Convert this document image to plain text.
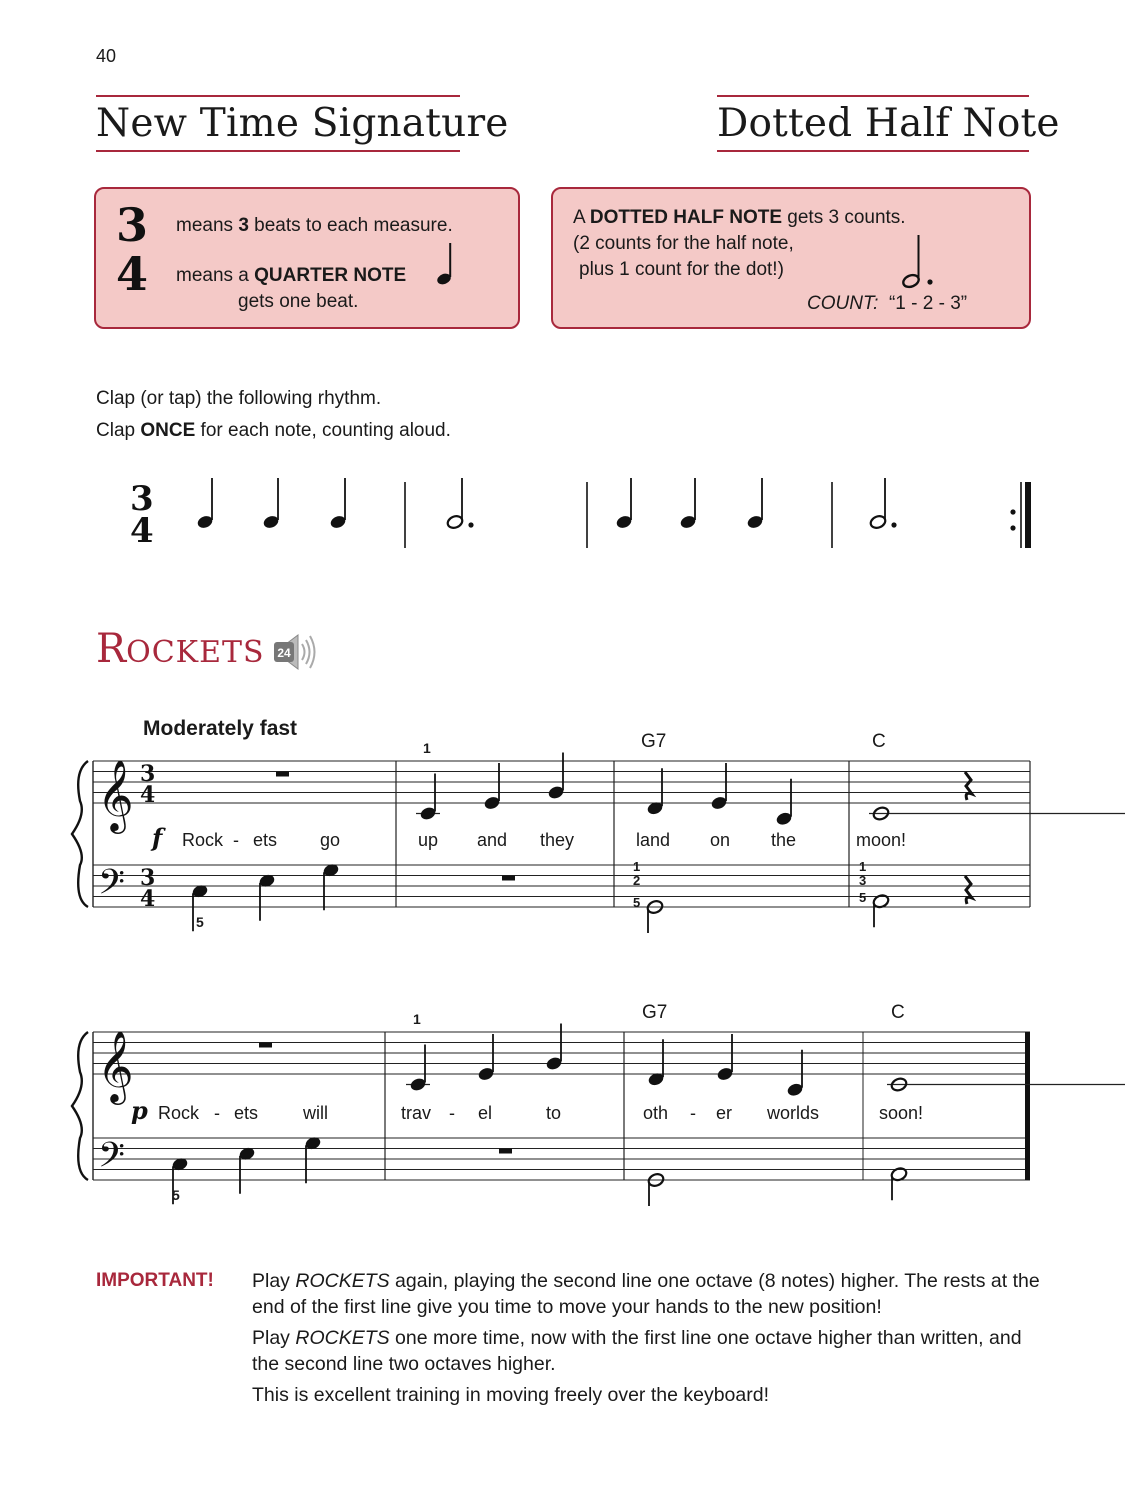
40
New Time Signature	Dotted Half Note
3
4
means 3 beats to each measure.
means a QUARTER NOTE
gets one beat.
A DOTTED HALF NOTE gets 3 counts.
(2 counts for the half note,
plus 1 count for the dot!)
COUNT: “1 - 2 - 3”
Clap (or tap) the following rhythm.
Clap ONCE for each note, counting aloud.
3
4
ROCKETS 24
Moderately fast
𝄞
𝄢
3
4
3
4
G7	C
1
5
f Rock - ets go	up and they	land on the	moon!
1
2
5
1
3
5
𝄞
𝄢
G7	C
1
5
p Rock - ets will	trav - el	to	oth - er worlds	soon!
IMPORTANT! Play ROCKETS again, playing the second line one octave (8 notes) higher. The rests at the end of the first line give you time to move your hands to the new position!

Play ROCKETS one more time, now with the first line one octave higher than written, and the second line two octaves higher.

This is excellent training in moving freely over the keyboard!
